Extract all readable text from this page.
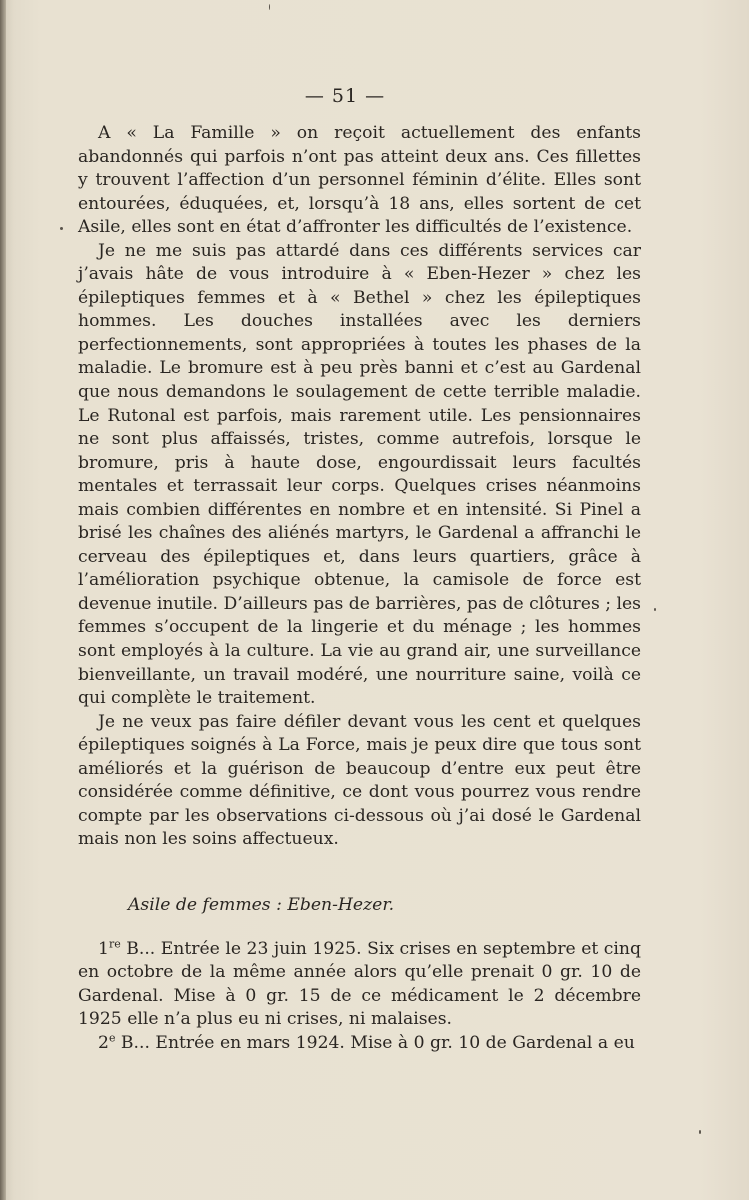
— 51 —

A « La Famille » on reçoit actuellement des enfants abandonnés qui parfois n’ont pas atteint deux ans. Ces fillettes y trouvent l’affection d’un personnel féminin d’élite. Elles sont entourées, éduquées, et, lorsqu’à 18 ans, elles sortent de cet Asile, elles sont en état d’affronter les difficultés de l’existence.

Je ne me suis pas attardé dans ces différents services car j’avais hâte de vous introduire à « Eben-Hezer » chez les épileptiques femmes et à « Bethel » chez les épileptiques hommes. Les douches installées avec les derniers perfectionnements, sont appropriées à toutes les phases de la maladie. Le bromure est à peu près banni et c’est au Gardenal que nous demandons le soulagement de cette terrible maladie. Le Rutonal est parfois, mais rarement utile. Les pensionnaires ne sont plus affaissés, tristes, comme autrefois, lorsque le bromure, pris à haute dose, engourdissait leurs facultés mentales et terrassait leur corps. Quelques crises néanmoins mais combien différentes en nombre et en intensité. Si Pinel a brisé les chaînes des aliénés martyrs, le Gardenal a affranchi le cerveau des épileptiques et, dans leurs quartiers, grâce à l’amélioration psychique obtenue, la camisole de force est devenue inutile. D’ailleurs pas de barrières, pas de clôtures ; les femmes s’occupent de la lingerie et du ménage ; les hommes sont employés à la culture. La vie au grand air, une surveillance bienveillante, un travail modéré, une nourriture saine, voilà ce qui complète le traitement.

Je ne veux pas faire défiler devant vous les cent et quelques épileptiques soignés à La Force, mais je peux dire que tous sont améliorés et la guérison de beaucoup d’entre eux peut être considérée comme définitive, ce dont vous pourrez vous rendre compte par les observations ci-dessous où j’ai dosé le Gardenal mais non les soins affectueux.

Asile de femmes : Eben-Hezer.

1re B... Entrée le 23 juin 1925. Six crises en septembre et cinq en octobre de la même année alors qu’elle prenait 0 gr. 10 de Gardenal. Mise à 0 gr. 15 de ce médicament le 2 décembre 1925 elle n’a plus eu ni crises, ni malaises.

2e B... Entrée en mars 1924. Mise à 0 gr. 10 de Gardenal a eu
